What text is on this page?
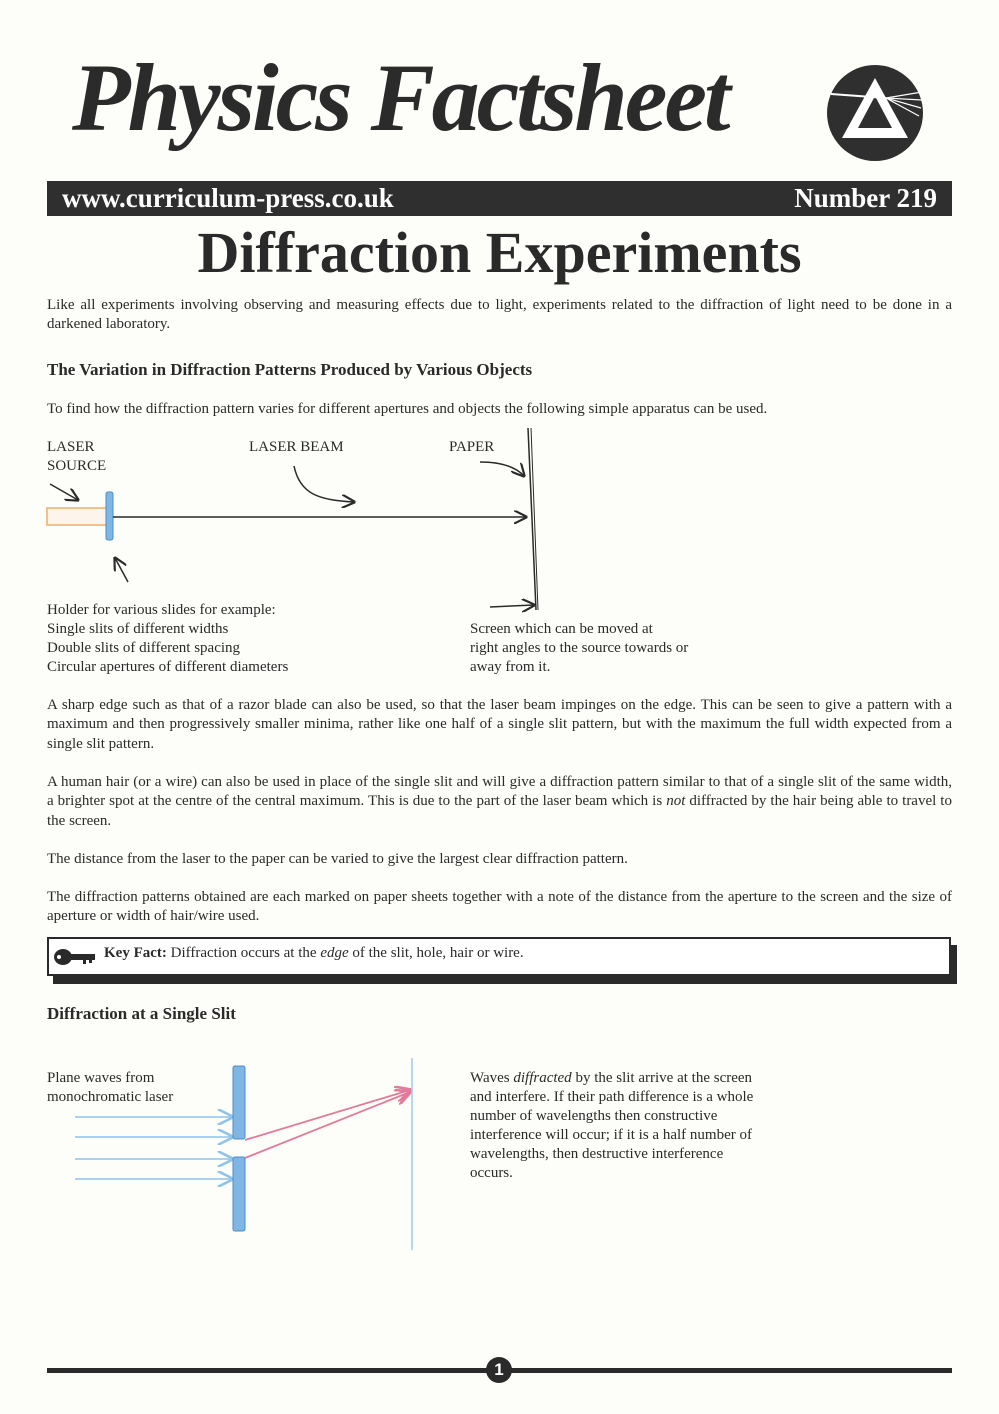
Physics Factsheet
www.curriculum-press.co.uk	Number 219
Diffraction Experiments
Like all experiments involving observing and measuring effects due to light, experiments related to the diffraction of light need to be done in a darkened laboratory.
The Variation in Diffraction Patterns Produced by Various Objects
To find how the diffraction pattern varies for different apertures and objects the following simple apparatus can be used.
LASER
SOURCE
LASER BEAM	PAPER
Holder for various slides for example:
Single slits of different widths
Double slits of different spacing
Circular apertures of different diameters
Screen which can be moved at
right angles to the source towards or
away from it.
A sharp edge such as that of a razor blade can also be used, so that the laser beam impinges on the edge. This can be seen to give a pattern with a maximum and then progressively smaller minima, rather like one half of a single slit pattern, but with the maximum the full width expected from a single slit pattern.
A human hair (or a wire) can also be used in place of the single slit and will give a diffraction pattern similar to that of a single slit of the same width, a brighter spot at the centre of the central maximum. This is due to the part of the laser beam which is not diffracted by the hair being able to travel to the screen.
The distance from the laser to the paper can be varied to give the largest clear diffraction pattern.
The diffraction patterns obtained are each marked on paper sheets together with a note of the distance from the aperture to the screen and the size of aperture or width of hair/wire used.
Key Fact: Diffraction occurs at the edge of the slit, hole, hair or wire.
Diffraction at a Single Slit
Plane waves from
monochromatic laser
Waves diffracted by the slit arrive at the screen
and interfere. If their path difference is a whole
number of wavelengths then constructive
interference will occur; if it is a half number of
wavelengths, then destructive interference
occurs.
1
